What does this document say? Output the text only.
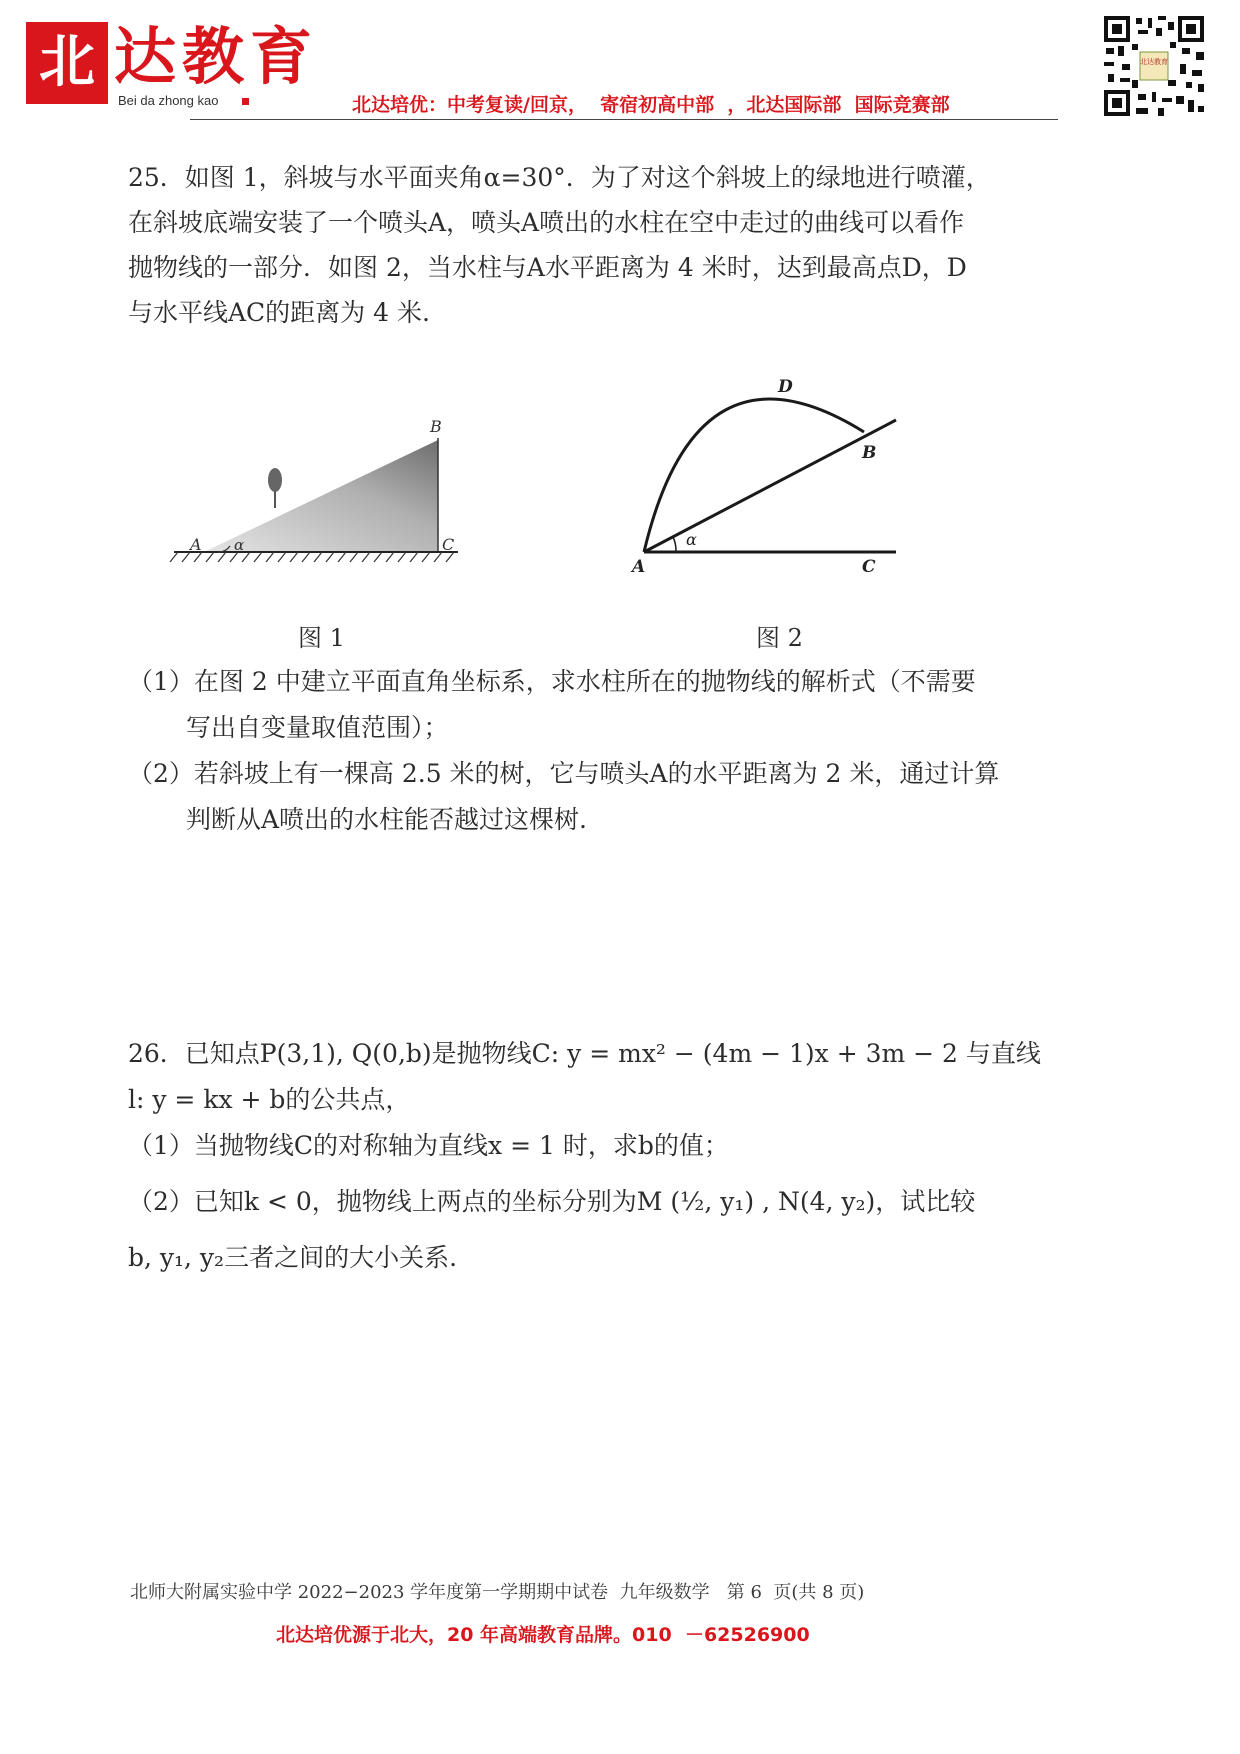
北 达教育
Bei da zhong kao	北达培优：中考复读/回京，  寄宿初高中部  ，北达国际部  国际竞赛部
北达教育
25．如图 1，斜坡与水平面夹角α=30°．为了对这个斜坡上的绿地进行喷灌，
在斜坡底端安装了一个喷头A，喷头A喷出的水柱在空中走过的曲线可以看作
抛物线的一部分．如图 2，当水柱与A水平距离为 4 米时，达到最高点D，D
与水平线AC的距离为 4 米.
A α
B
C	α
A
B
C
D
图 1	图 2
（1）在图 2 中建立平面直角坐标系，求水柱所在的抛物线的解析式（不需要
写出自变量取值范围）；
（2）若斜坡上有一棵高 2.5 米的树，它与喷头A的水平距离为 2 米，通过计算
判断从A喷出的水柱能否越过这棵树.
26．已知点P(3,1), Q(0,b)是抛物线C: y = mx² − (4m − 1)x + 3m − 2 与直线
l: y = kx + b的公共点，
（1）当抛物线C的对称轴为直线x = 1 时，求b的值；
（2）已知k < 0，抛物线上两点的坐标分别为M (½, y₁) , N(4, y₂)，试比较
b, y₁, y₂三者之间的大小关系.
北师大附属实验中学 2022−2023 学年度第一学期期中试卷  九年级数学   第 6  页(共 8 页)
北达培优源于北大，20 年高端教育品牌。010  －62526900
